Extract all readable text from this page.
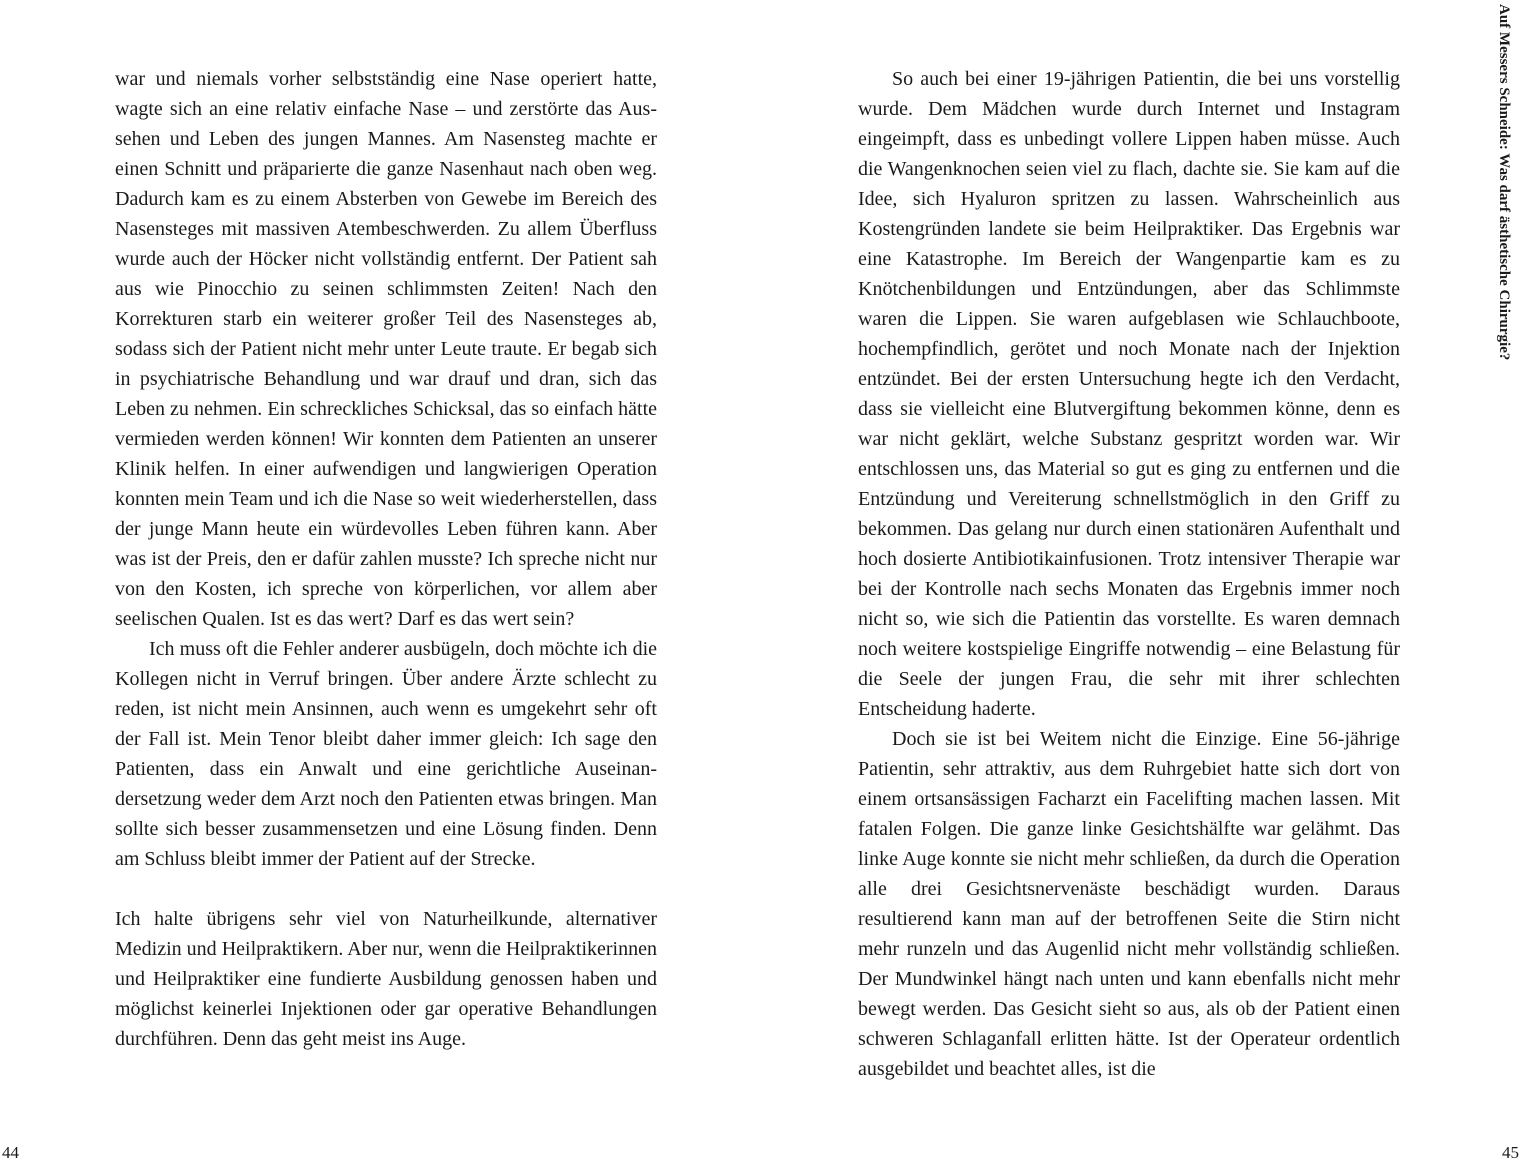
war und niemals vorher selbstständig eine Nase operiert hatte, wagte sich an eine relativ einfache Nase – und zerstörte das Aussehen und Leben des jungen Mannes. Am Nasensteg machte er einen Schnitt und präparierte die ganze Nasenhaut nach oben weg. Dadurch kam es zu einem Absterben von Gewebe im Bereich des Nasensteges mit massiven Atembeschwerden. Zu allem Überfluss wurde auch der Höcker nicht vollständig entfernt. Der Patient sah aus wie Pinocchio zu seinen schlimmsten Zeiten! Nach den Korrekturen starb ein weiterer großer Teil des Nasensteges ab, sodass sich der Patient nicht mehr unter Leute traute. Er begab sich in psychiatrische Behandlung und war drauf und dran, sich das Leben zu nehmen. Ein schreckliches Schicksal, das so einfach hätte vermieden werden können! Wir konnten dem Patienten an unserer Klinik helfen. In einer aufwendigen und langwierigen Operation konnten mein Team und ich die Nase so weit wiederherstellen, dass der junge Mann heute ein würdevolles Leben führen kann. Aber was ist der Preis, den er dafür zahlen musste? Ich spreche nicht nur von den Kosten, ich spreche von körperlichen, vor allem aber seelischen Qualen. Ist es das wert? Darf es das wert sein?

Ich muss oft die Fehler anderer ausbügeln, doch möchte ich die Kollegen nicht in Verruf bringen. Über andere Ärzte schlecht zu reden, ist nicht mein Ansinnen, auch wenn es umgekehrt sehr oft der Fall ist. Mein Tenor bleibt daher immer gleich: Ich sage den Patienten, dass ein Anwalt und eine gerichtliche Auseinandersetzung weder dem Arzt noch den Patienten etwas bringen. Man sollte sich besser zusammensetzen und eine Lösung finden. Denn am Schluss bleibt immer der Patient auf der Strecke.

Ich halte übrigens sehr viel von Naturheilkunde, alternativer Medizin und Heilpraktikern. Aber nur, wenn die Heilpraktikerinnen und Heilpraktiker eine fundierte Ausbildung genossen haben und möglichst keinerlei Injektionen oder gar operative Behandlungen durchführen. Denn das geht meist ins Auge.

44

So auch bei einer 19-jährigen Patientin, die bei uns vorstellig wurde. Dem Mädchen wurde durch Internet und Instagram eingeimpft, dass es unbedingt vollere Lippen haben müsse. Auch die Wangenknochen seien viel zu flach, dachte sie. Sie kam auf die Idee, sich Hyaluron spritzen zu lassen. Wahrscheinlich aus Kostengründen landete sie beim Heilpraktiker. Das Ergebnis war eine Katastrophe. Im Bereich der Wangenpartie kam es zu Knötchenbildungen und Entzündungen, aber das Schlimmste waren die Lippen. Sie waren aufgeblasen wie Schlauchboote, hochempfindlich, gerötet und noch Monate nach der Injektion entzündet. Bei der ersten Untersuchung hegte ich den Verdacht, dass sie vielleicht eine Blutvergiftung bekommen könne, denn es war nicht geklärt, welche Substanz gespritzt worden war. Wir entschlossen uns, das Material so gut es ging zu entfernen und die Entzündung und Vereiterung schnellstmöglich in den Griff zu bekommen. Das gelang nur durch einen stationären Aufenthalt und hoch dosierte Antibiotikainfusionen. Trotz intensiver Therapie war bei der Kontrolle nach sechs Monaten das Ergebnis immer noch nicht so, wie sich die Patientin das vorstellte. Es waren demnach noch weitere kostspielige Eingriffe notwendig – eine Belastung für die Seele der jungen Frau, die sehr mit ihrer schlechten Entscheidung haderte.

Doch sie ist bei Weitem nicht die Einzige. Eine 56-jährige Patientin, sehr attraktiv, aus dem Ruhrgebiet hatte sich dort von einem ortsansässigen Facharzt ein Facelifting machen lassen. Mit fatalen Folgen. Die ganze linke Gesichtshälfte war gelähmt. Das linke Auge konnte sie nicht mehr schließen, da durch die Operation alle drei Gesichtsnervenäste beschädigt wurden. Daraus resultierend kann man auf der betroffenen Seite die Stirn nicht mehr runzeln und das Augenlid nicht mehr vollständig schließen. Der Mundwinkel hängt nach unten und kann ebenfalls nicht mehr bewegt werden. Das Gesicht sieht so aus, als ob der Patient einen schweren Schlaganfall erlitten hätte. Ist der Operateur ordentlich ausgebildet und beachtet alles, ist die

Auf Messers Schneide: Was darf ästhetische Chirurgie?
45
